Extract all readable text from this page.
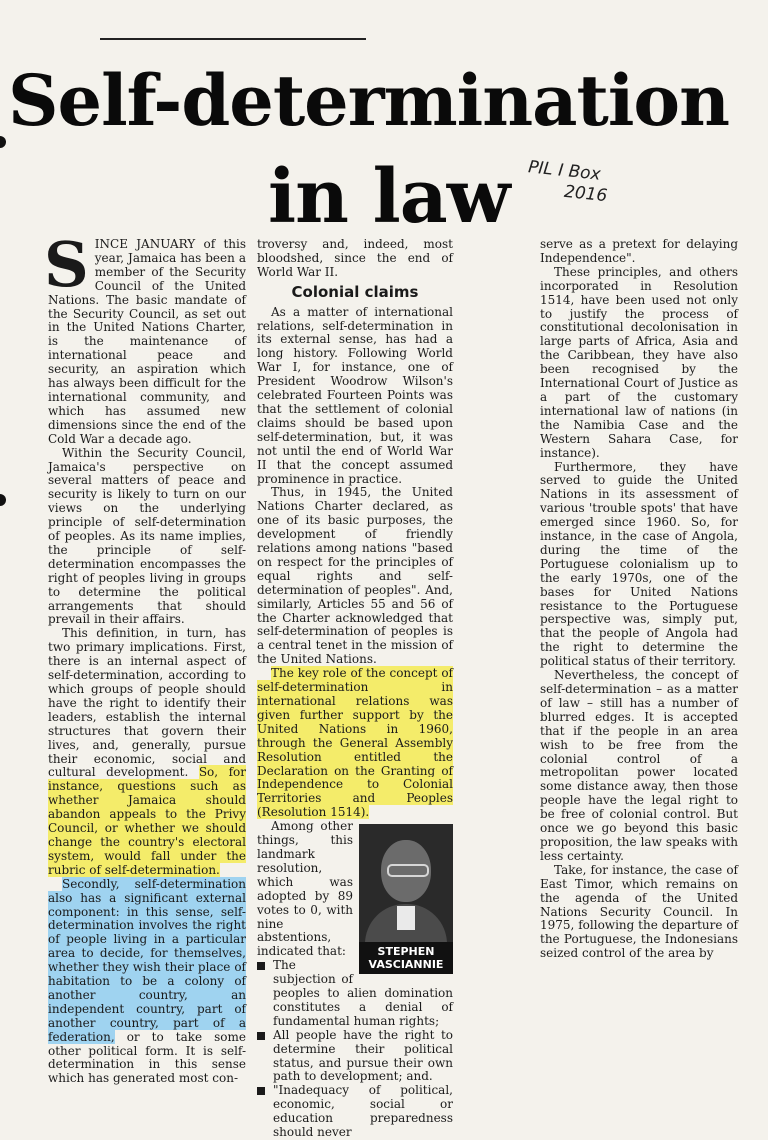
Self-determination
in law	PIL I Box
2016

SINCE JANUARY of this year, Jamaica has been a member of the Security Council of the United Nations. The basic mandate of the Security Council, as set out in the United Nations Charter, is the maintenance of international peace and security, an aspiration which has always been difficult for the international community, and which has assumed new dimensions since the end of the Cold War a decade ago.

Within the Security Council, Jamaica's perspective on several matters of peace and security is likely to turn on our views on the underlying principle of self-determination of peoples. As its name implies, the principle of self-determination encompasses the right of peoples living in groups to determine the political arrangements that should prevail in their affairs.

This definition, in turn, has two primary implications. First, there is an internal aspect of self-determination, according to which groups of people should have the right to identify their leaders, establish the internal structures that govern their lives, and, generally, pursue their economic, social and cultural development. So, for instance, questions such as whether Jamaica should abandon appeals to the Privy Council, or whether we should change the country's electoral system, would fall under the rubric of self-determination.

Secondly, self-determination also has a significant external component: in this sense, self-determination involves the right of people living in a particular area to decide, for themselves, whether they wish their place of habitation to be a colony of another country, an independent country, part of another country, part of a federation, or to take some other political form. It is self-determination in this sense which has generated most con-

troversy and, indeed, most bloodshed, since the end of World War II.

Colonial claims

As a matter of international relations, self-determination in its external sense, has had a long history. Following World War I, for instance, one of President Woodrow Wilson's celebrated Fourteen Points was that the settlement of colonial claims should be based upon self-determination, but, it was not until the end of World War II that the concept assumed prominence in practice.

Thus, in 1945, the United Nations Charter declared, as one of its basic purposes, the development of friendly relations among nations "based on respect for the principles of equal rights and self-determination of peoples". And, similarly, Articles 55 and 56 of the Charter acknowledged that self-determination of peoples is a central tenet in the mission of the United Nations.

The key role of the concept of self-determination in international relations was given further support by the United Nations in 1960, through the General Assembly Resolution entitled the Declaration on the Granting of Independence to Colonial Territories and Peoples (Resolution 1514).

STEPHEN
VASCIANNIE

Among other things, this landmark resolution, which was adopted by 89 votes to 0, with nine abstentions, indicated that:

The subjection of peoples to alien domination constitutes a denial of fundamental human rights;
All people have the right to determine their political status, and pursue their own path to development; and.
"Inadequacy of political, economic, social or education preparedness should never

serve as a pretext for delaying Independence".

These principles, and others incorporated in Resolution 1514, have been used not only to justify the process of constitutional decolonisation in large parts of Africa, Asia and the Caribbean, they have also been recognised by the International Court of Justice as a part of the customary international law of nations (in the Namibia Case and the Western Sahara Case, for instance).

Furthermore, they have served to guide the United Nations in its assessment of various 'trouble spots' that have emerged since 1960. So, for instance, in the case of Angola, during the time of the Portuguese colonialism up to the early 1970s, one of the bases for United Nations resistance to the Portuguese perspective was, simply put, that the people of Angola had the right to determine the political status of their territory.

Nevertheless, the concept of self-determination – as a matter of law – still has a number of blurred edges. It is accepted that if the people in an area wish to be free from the colonial control of a metropolitan power located some distance away, then those people have the legal right to be free of colonial control. But once we go beyond this basic proposition, the law speaks with less certainty.

Take, for instance, the case of East Timor, which remains on the agenda of the United Nations Security Council. In 1975, following the departure of the Portuguese, the Indonesians seized control of the area by
